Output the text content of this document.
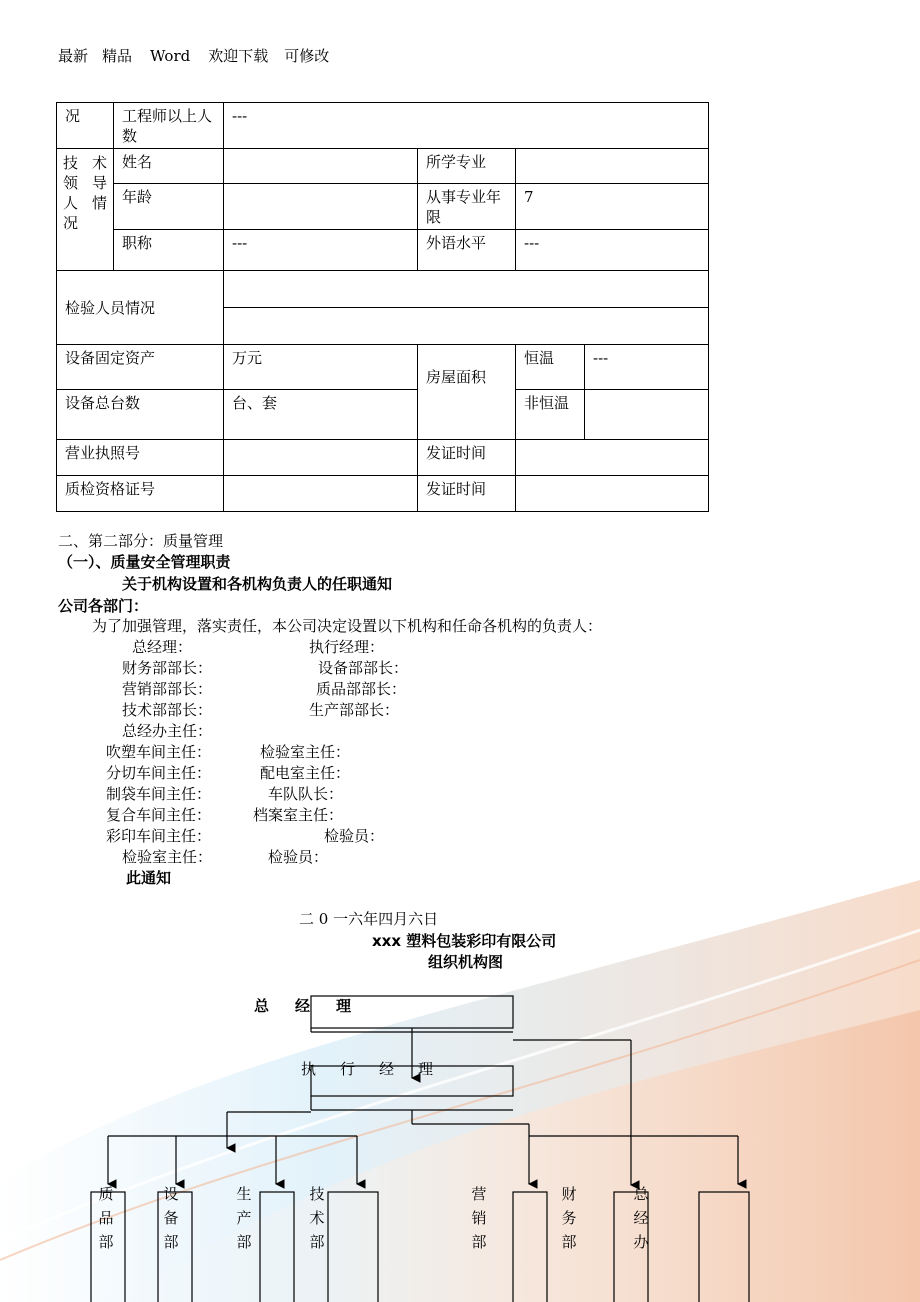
最新 精品 Word 欢迎下载 可修改
况	工程师以上人数	---			
技术领导人情况	姓名		所学专业		
	年龄		从事专业年限	7	
	职称	---	外语水平	---	
检验人员情况					

设备固定资产		万元	房屋面积	恒温	---
设备总台数		台、套		非恒温	
营业执照号			发证时间		
质检资格证号			发证时间		
二、第二部分：质量管理
（一）、质量安全管理职责
关于机构设置和各机构负责人的任职通知
公司各部门：
为了加强管理，落实责任，本公司决定设置以下机构和任命各机构的负责人：
总经理：	执行经理：
财务部部长：	设备部部长：
营销部部长：	质品部部长：
技术部部长：	生产部部长：
总经办主任：
吹塑车间主任：	检验室主任：
分切车间主任：	配电室主任：
制袋车间主任：	车队队长：
复合车间主任：	档案室主任：
彩印车间主任：	检验员：
检验室主任：	检验员：
此通知
二 0 一六年四月六日
xxx 塑料包装彩印有限公司
组织机构图
总经理
执行经理
质 品 部
设 备 部
生 产 部
技 术 部
营 销 部
财 务 部
总 经 办
